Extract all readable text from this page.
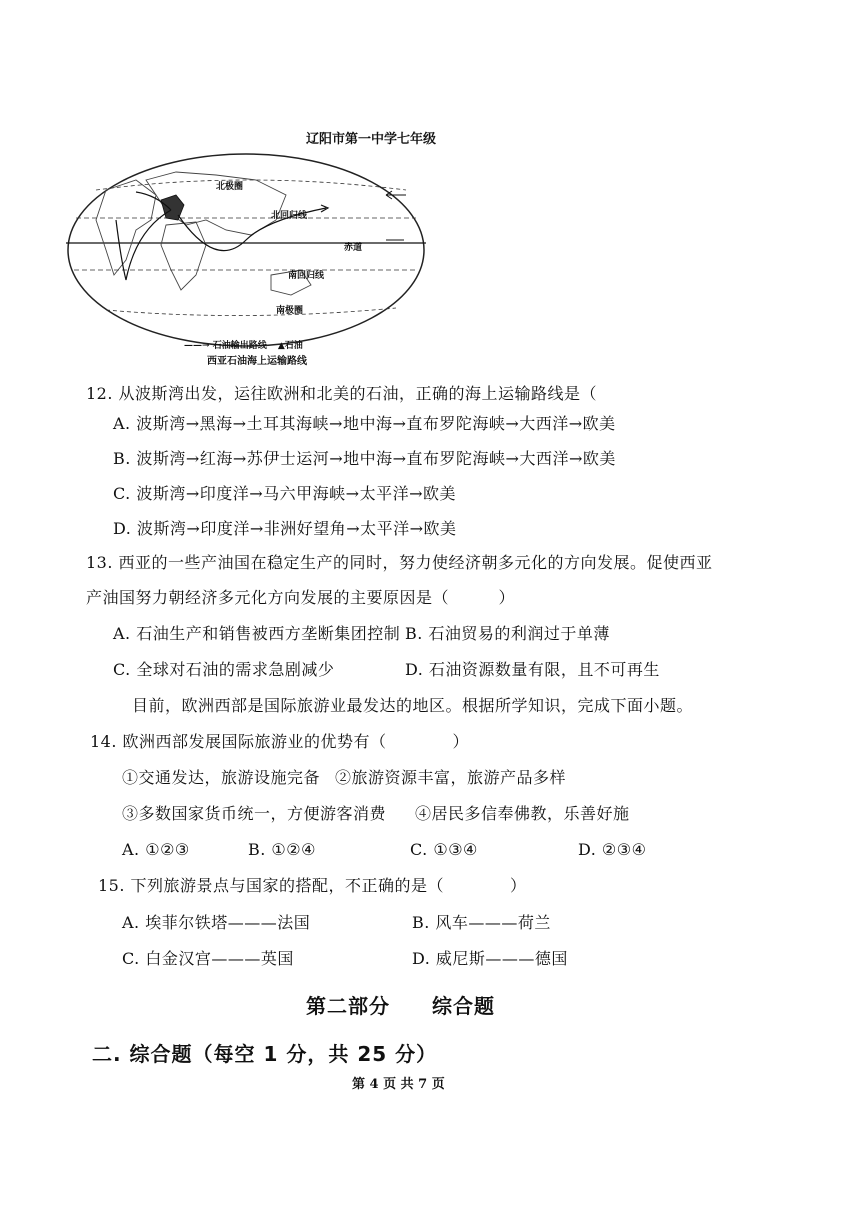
辽阳市第一中学七年级
北极圈
北回归线
赤道
南回归线
南极圈
——→ 石油输出路线 ▲石油
西亚石油海上运输路线
12. 从波斯湾出发，运往欧洲和北美的石油，正确的海上运输路线是（
A. 波斯湾→黑海→土耳其海峡→地中海→直布罗陀海峡→大西洋→欧美
B. 波斯湾→红海→苏伊士运河→地中海→直布罗陀海峡→大西洋→欧美
C. 波斯湾→印度洋→马六甲海峡→太平洋→欧美
D. 波斯湾→印度洋→非洲好望角→太平洋→欧美
13. 西亚的一些产油国在稳定生产的同时，努力使经济朝多元化的方向发展。促使西亚
产油国努力朝经济多元化方向发展的主要原因是（　　　）
A. 石油生产和销售被西方垄断集团控制 B. 石油贸易的利润过于单薄
C. 全球对石油的需求急剧减少	D. 石油资源数量有限，且不可再生
目前，欧洲西部是国际旅游业最发达的地区。根据所学知识，完成下面小题。
14. 欧洲西部发展国际旅游业的优势有（　　　　）
①交通发达，旅游设施完备 ②旅游资源丰富，旅游产品多样
③多数国家货币统一，方便游客消费 ④居民多信奉佛教，乐善好施
A. ①②③	B. ①②④	C. ①③④	D. ②③④
15. 下列旅游景点与国家的搭配，不正确的是（　　　　）
A. 埃菲尔铁塔———法国	B. 风车———荷兰
C. 白金汉宫———英国	D. 威尼斯———德国
第二部分　　综合题
二. 综合题（每空 1 分，共 25 分）
第 4 页 共 7 页
